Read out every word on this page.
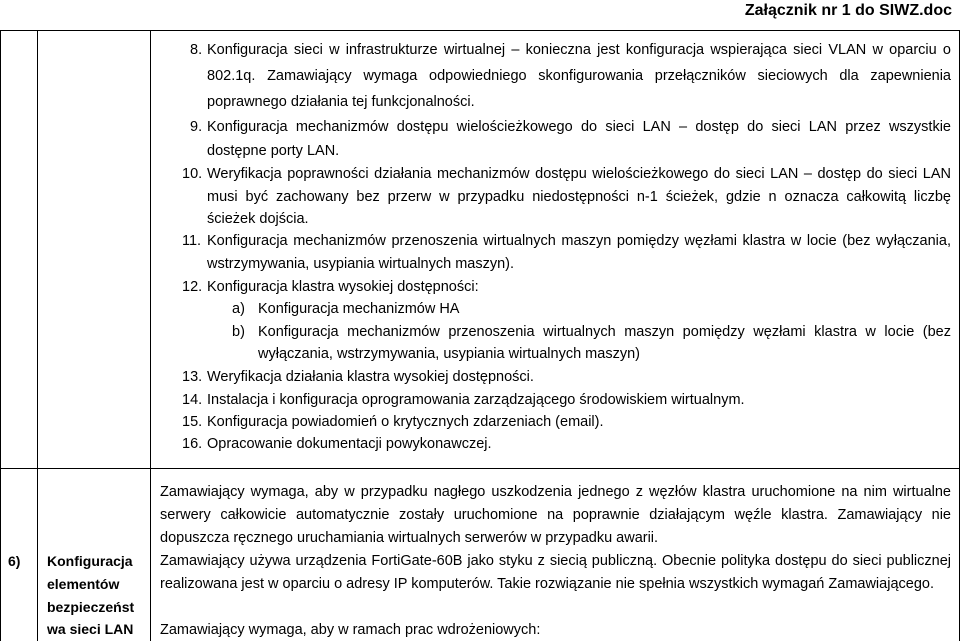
Załącznik nr 1 do SIWZ.doc
8. Konfiguracja sieci w infrastrukturze wirtualnej – konieczna jest konfiguracja wspierająca sieci VLAN w oparciu o
802.1q. Zamawiający wymaga odpowiedniego skonfigurowania przełączników sieciowych dla zapewnienia
poprawnego działania tej funkcjonalności.
9. Konfiguracja mechanizmów dostępu wielościeżkowego do sieci LAN – dostęp do sieci LAN przez wszystkie
dostępne porty LAN.
10. Weryfikacja poprawności działania mechanizmów dostępu wielościeżkowego do sieci LAN – dostęp do sieci LAN
musi być zachowany bez przerw w przypadku niedostępności n-1 ścieżek, gdzie n oznacza całkowitą liczbę
ścieżek dojścia.
11. Konfiguracja mechanizmów przenoszenia wirtualnych maszyn pomiędzy węzłami klastra w locie (bez wyłączania,
wstrzymywania, usypiania wirtualnych maszyn).
12. Konfiguracja klastra wysokiej dostępności:
a) Konfiguracja mechanizmów HA
b) Konfiguracja mechanizmów przenoszenia wirtualnych maszyn pomiędzy węzłami klastra w locie (bez
wyłączania, wstrzymywania, usypiania wirtualnych maszyn)
13. Weryfikacja działania klastra wysokiej dostępności.
14. Instalacja i konfiguracja oprogramowania zarządzającego środowiskiem wirtualnym.
15. Konfiguracja powiadomień o krytycznych zdarzeniach (email).
16. Opracowanie dokumentacji powykonawczej.
6) Konfiguracja
elementów
bezpieczeńst
wa sieci LAN
Zamawiający wymaga, aby w przypadku nagłego uszkodzenia jednego z węzłów klastra uruchomione na nim wirtualne
serwery całkowicie automatycznie zostały uruchomione na poprawnie działającym węźle klastra. Zamawiający nie
dopuszcza ręcznego uruchamiania wirtualnych serwerów w przypadku awarii.
Zamawiający używa urządzenia FortiGate-60B jako styku z siecią publiczną. Obecnie polityka dostępu do sieci publicznej
realizowana jest w oparciu o adresy IP komputerów. Takie rozwiązanie nie spełnia wszystkich wymagań Zamawiającego.
Zamawiający wymaga, aby w ramach prac wdrożeniowych:
